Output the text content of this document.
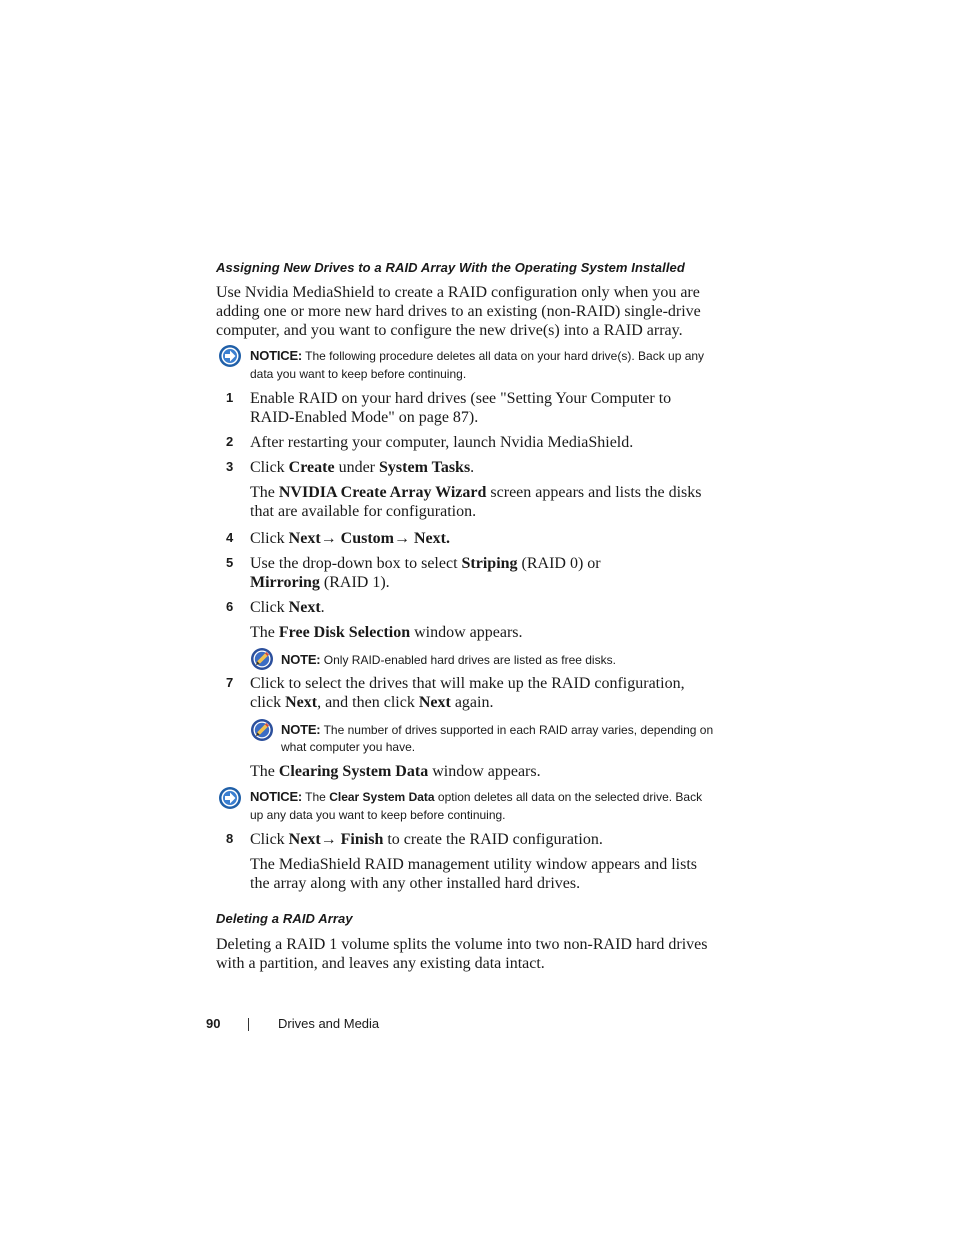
Assigning New Drives to a RAID Array With the Operating System Installed
Use Nvidia MediaShield to create a RAID configuration only when you are adding one or more new hard drives to an existing (non-RAID) single-drive computer, and you want to configure the new drive(s) into a RAID array.
NOTICE: The following procedure deletes all data on your hard drive(s). Back up any data you want to keep before continuing.
1 Enable RAID on your hard drives (see "Setting Your Computer to RAID-Enabled Mode" on page 87).
2 After restarting your computer, launch Nvidia MediaShield.
3 Click Create under System Tasks.
The NVIDIA Create Array Wizard screen appears and lists the disks that are available for configuration.
4 Click Next→ Custom→ Next.
5 Use the drop-down box to select Striping (RAID 0) or Mirroring (RAID 1).
6 Click Next.
The Free Disk Selection window appears.
NOTE: Only RAID-enabled hard drives are listed as free disks.
7 Click to select the drives that will make up the RAID configuration, click Next, and then click Next again.
NOTE: The number of drives supported in each RAID array varies, depending on what computer you have.
The Clearing System Data window appears.
NOTICE: The Clear System Data option deletes all data on the selected drive. Back up any data you want to keep before continuing.
8 Click Next→ Finish to create the RAID configuration.
The MediaShield RAID management utility window appears and lists the array along with any other installed hard drives.
Deleting a RAID Array
Deleting a RAID 1 volume splits the volume into two non-RAID hard drives with a partition, and leaves any existing data intact.
90	Drives and Media
